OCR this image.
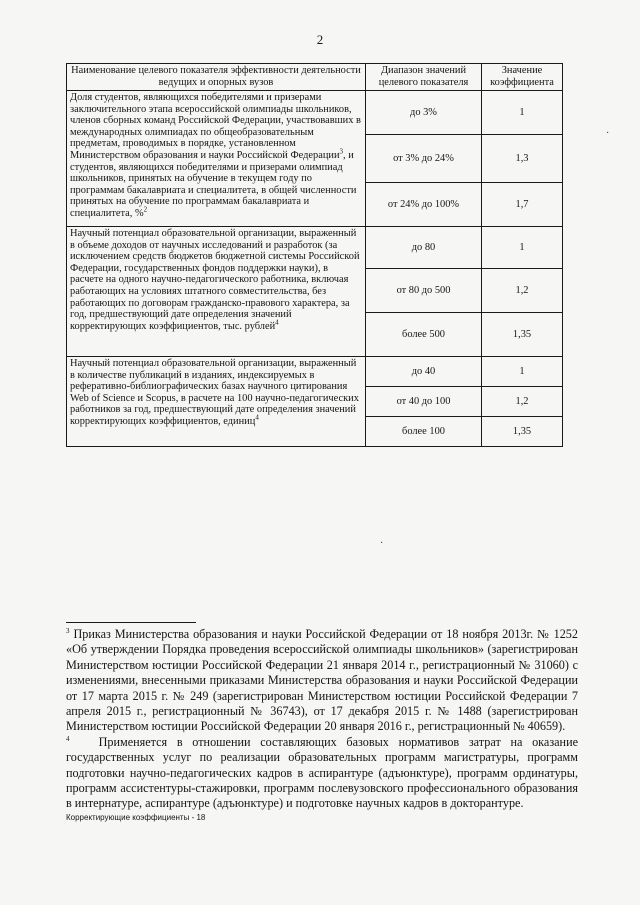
2
Наименование целевого показателя эффективности деятельности ведущих и опорных вузов	Диапазон значений целевого показателя	Значение коэффициента
Доля студентов, являющихся победителями и призерами заключительного этапа всероссийской олимпиады школьников, членов сборных команд Российской Федерации, участвовавших в международных олимпиадах по общеобразовательным предметам, проводимых в порядке, установленном Министерством образования и науки Российской Федерации$^3$, и студентов, являющихся победителями и призерами олимпиад школьников, принятых на обучение в текущем году по программам бакалавриата и специалитета, в общей численности принятых на обучение по программам бакалавриата и специалитета, %$^2$	до 3%	1
	от 3% до 24%	1,3
	от 24% до 100%	1,7
Научный потенциал образовательной организации, выраженный в объеме доходов от научных исследований и разработок (за исключением средств бюджетов бюджетной системы Российской Федерации, государственных фондов поддержки науки), в расчете на одного научно-педагогического работника, включая работающих на условиях штатного совместительства, без работающих по договорам гражданско-правового характера, за год, предшествующий дате определения значений корректирующих коэффициентов, тыс. рублей$^4$	до 80	1
	от 80 до 500	1,2
	более 500	1,35
Научный потенциал образовательной организации, выраженный в количестве публикаций в изданиях, индексируемых в реферативно-библиографических базах научного цитирования Web of Science и Scopus, в расчете на 100 научно-педагогических работников за год, предшествующий дате определения значений корректирующих коэффициентов, единиц$^4$	до 40	1
	от 40 до 100	1,2
	более 100	1,35
·
·

$^3$ Приказ Министерства образования и науки Российской Федерации от 18 ноября 2013г. № 1252 «Об утверждении Порядка проведения всероссийской олимпиады школьников» (зарегистрирован Министерством юстиции Российской Федерации 21 января 2014 г., регистрационный № 31060) с изменениями, внесенными приказами Министерства образования и науки Российской Федерации от 17 марта 2015 г. № 249 (зарегистрирован Министерством юстиции Российской Федерации 7 апреля 2015 г., регистрационный № 36743), от 17 декабря 2015 г. № 1488 (зарегистрирован Министерством юстиции Российской Федерации 20 января 2016 г., регистрационный № 40659).

$^4$ Применяется в отношении составляющих базовых нормативов затрат на оказание государственных услуг по реализации образовательных программ магистратуры, программ подготовки научно-педагогических кадров в аспирантуре (адъюнктуре), программ ординатуры, программ ассистентуры-стажировки, программ послевузовского профессионального образования в интернатуре, аспирантуре (адъюнктуре) и подготовке научных кадров в докторантуре.

Корректирующие коэффициенты - 18
